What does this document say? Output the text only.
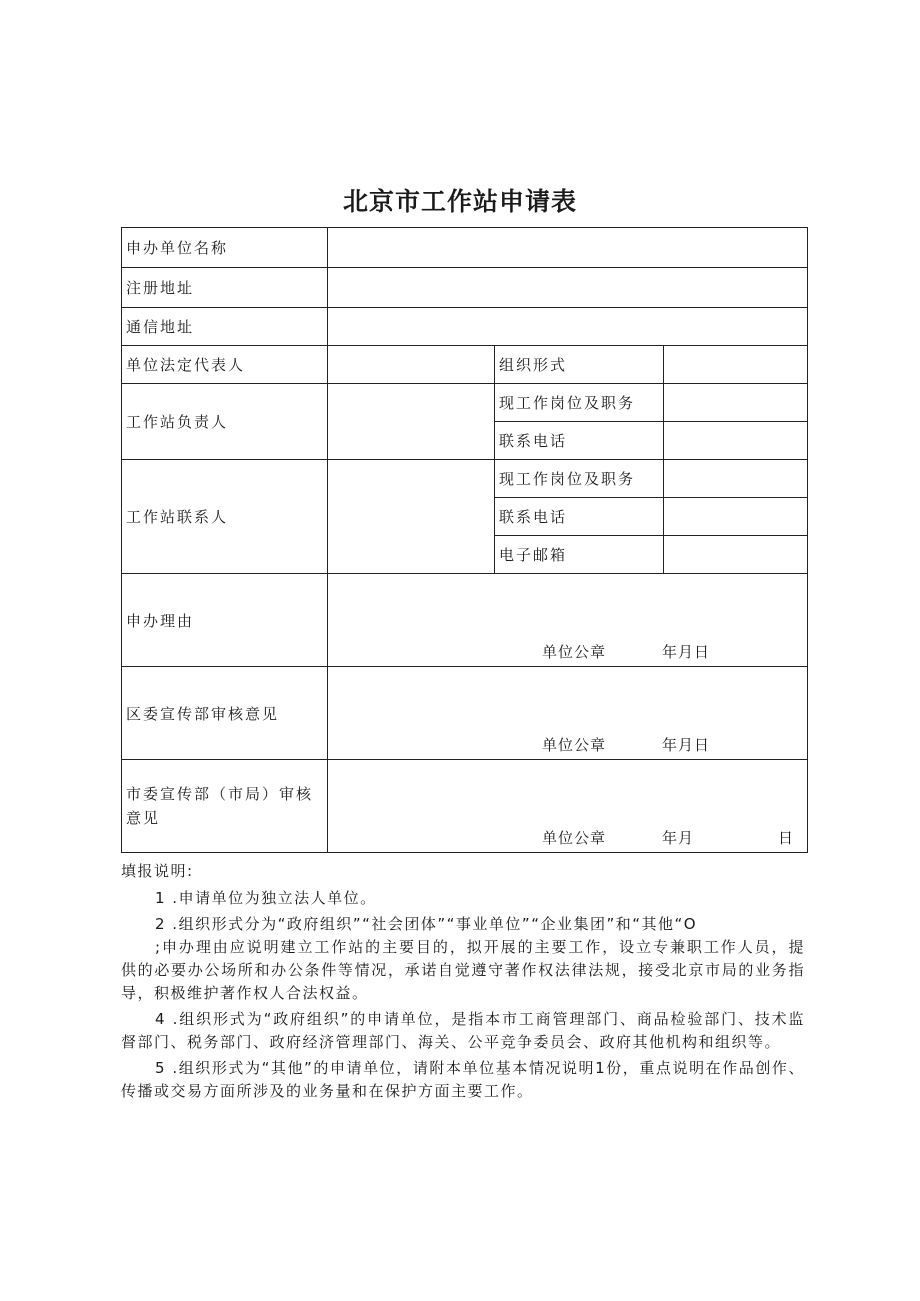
北京市工作站申请表
申办单位名称			
注册地址			
通信地址			
单位法定代表人		组织形式	
工作站负责人		现工作岗位及职务	
		联系电话	
工作站联系人		现工作岗位及职务	
		联系电话	
		电子邮箱	
申办理由	单位公章 年月日		

区委宣传部审核意见	单位公章 年月日		

市委宣传部（市局）审核意见	单位公章 年月 日		

填报说明:

1 .申请单位为独立法人单位。

2 .组织形式分为“政府组织”“社会团体”“事业单位”“企业集团”和“其他“O

;申办理由应说明建立工作站的主要目的，拟开展的主要工作，设立专兼职工作人员，提供的必要办公场所和办公条件等情况，承诺自觉遵守著作权法律法规，接受北京市局的业务指导，积极维护著作权人合法权益。

4 .组织形式为“政府组织”的申请单位，是指本市工商管理部门、商品检验部门、技术监督部门、税务部门、政府经济管理部门、海关、公平竞争委员会、政府其他机构和组织等。

5 .组织形式为“其他”的申请单位，请附本单位基本情况说明1份，重点说明在作品创作、传播或交易方面所涉及的业务量和在保护方面主要工作。
